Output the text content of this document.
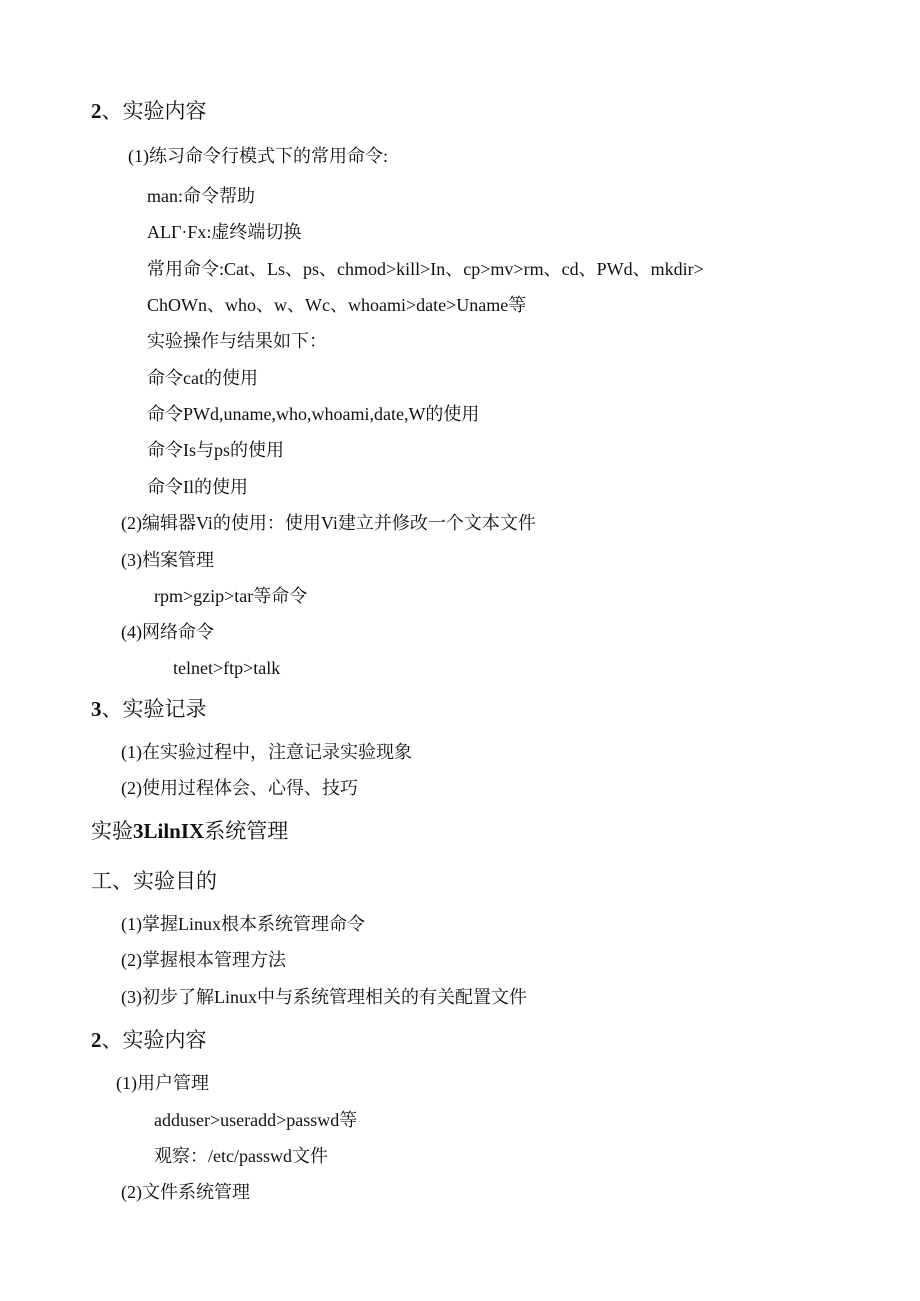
2、实验内容
(1)练习命令行模式下的常用命令:
man:命令帮助
ALΓ·Fx:虚终端切换
常用命令:Cat、Ls、ps、chmod>kill>In、cp>mv>rm、cd、PWd、mkdir>
ChOWn、who、w、Wc、whoami>date>Uname等
实验操作与结果如下：
命令cat的使用
命令PWd,uname,who,whoami,date,W的使用
命令Is与ps的使用
命令Il的使用
(2)编辑器Vi的使用：使用Vi建立并修改一个文本文件
(3)档案管理
rpm>gzip>tar等命令
(4)网络命令
telnet>ftp>talk
3、实验记录
(1)在实验过程中，注意记录实验现象
(2)使用过程体会、心得、技巧
实验3LilnIX系统管理
工、实验目的
(1)掌握Linux根本系统管理命令
(2)掌握根本管理方法
(3)初步了解Linux中与系统管理相关的有关配置文件
2、实验内容
(1)用户管理
adduser>useradd>passwd等
观察：/etc/passwd文件
(2)文件系统管理
